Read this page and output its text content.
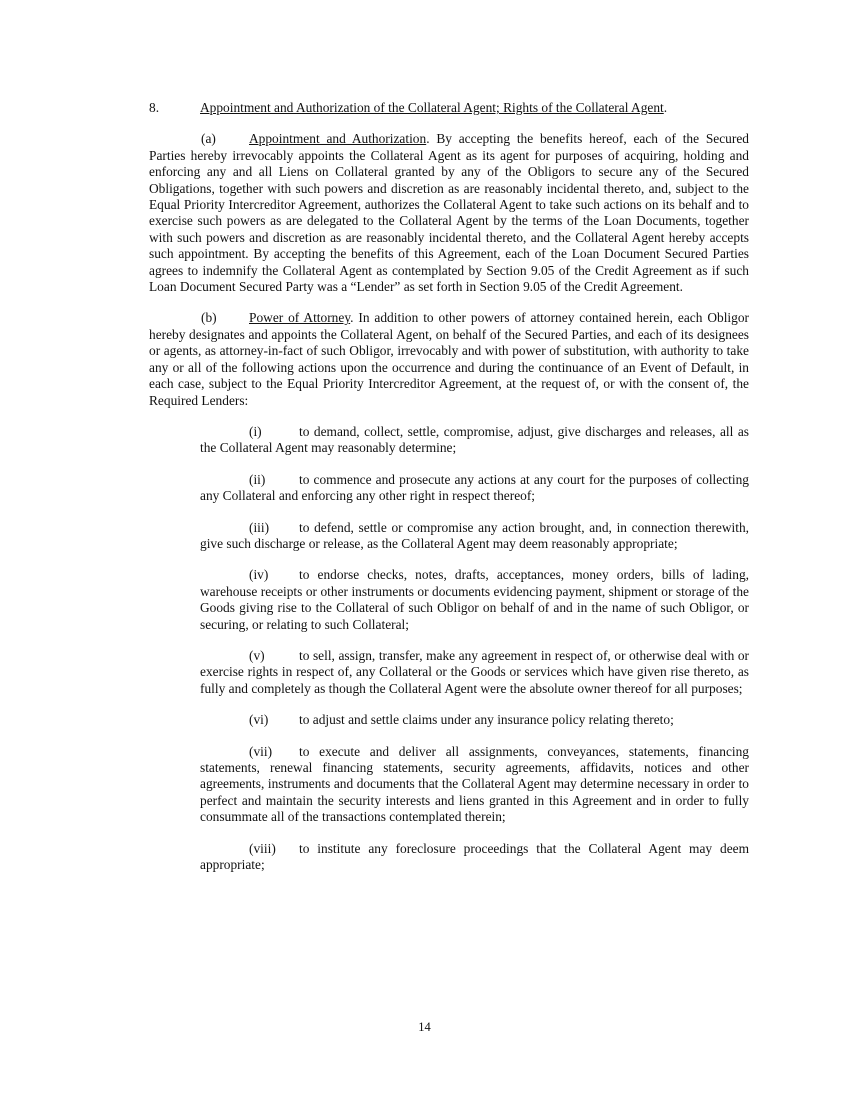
8.	Appointment and Authorization of the Collateral Agent; Rights of the Collateral Agent.

(a) Appointment and Authorization. By accepting the benefits hereof, each of the Secured Parties hereby irrevocably appoints the Collateral Agent as its agent for purposes of acquiring, holding and enforcing any and all Liens on Collateral granted by any of the Obligors to secure any of the Secured Obligations, together with such powers and discretion as are reasonably incidental thereto, and, subject to the Equal Priority Intercreditor Agreement, authorizes the Collateral Agent to take such actions on its behalf and to exercise such powers as are delegated to the Collateral Agent by the terms of the Loan Documents, together with such powers and discretion as are reasonably incidental thereto, and the Collateral Agent hereby accepts such appointment. By accepting the benefits of this Agreement, each of the Loan Document Secured Parties agrees to indemnify the Collateral Agent as contemplated by Section 9.05 of the Credit Agreement as if such Loan Document Secured Party was a “Lender” as set forth in Section 9.05 of the Credit Agreement.

(b) Power of Attorney. In addition to other powers of attorney contained herein, each Obligor hereby designates and appoints the Collateral Agent, on behalf of the Secured Parties, and each of its designees or agents, as attorney-in-fact of such Obligor, irrevocably and with power of substitution, with authority to take any or all of the following actions upon the occurrence and during the continuance of an Event of Default, in each case, subject to the Equal Priority Intercreditor Agreement, at the request of, or with the consent of, the Required Lenders:

(i)	to demand, collect, settle, compromise, adjust, give discharges and releases, all as the Collateral Agent may reasonably determine;

(ii)	to commence and prosecute any actions at any court for the purposes of collecting any Collateral and enforcing any other right in respect thereof;

(iii) to defend, settle or compromise any action brought, and, in connection therewith, give such discharge or release, as the Collateral Agent may deem reasonably appropriate;

(iv) to endorse checks, notes, drafts, acceptances, money orders, bills of lading, warehouse receipts or other instruments or documents evidencing payment, shipment or storage of the Goods giving rise to the Collateral of such Obligor on behalf of and in the name of such Obligor, or securing, or relating to such Collateral;

(v)	to sell, assign, transfer, make any agreement in respect of, or otherwise deal with or exercise rights in respect of, any Collateral or the Goods or services which have given rise thereto, as fully and completely as though the Collateral Agent were the absolute owner thereof for all purposes;

(vi) to adjust and settle claims under any insurance policy relating thereto;

(vii) to execute and deliver all assignments, conveyances, statements, financing statements, renewal financing statements, security agreements, affidavits, notices and other agreements, instruments and documents that the Collateral Agent may determine necessary in order to perfect and maintain the security interests and liens granted in this Agreement and in order to fully consummate all of the transactions contemplated therein;

(viii) to institute any foreclosure proceedings that the Collateral Agent may deem appropriate;

14
